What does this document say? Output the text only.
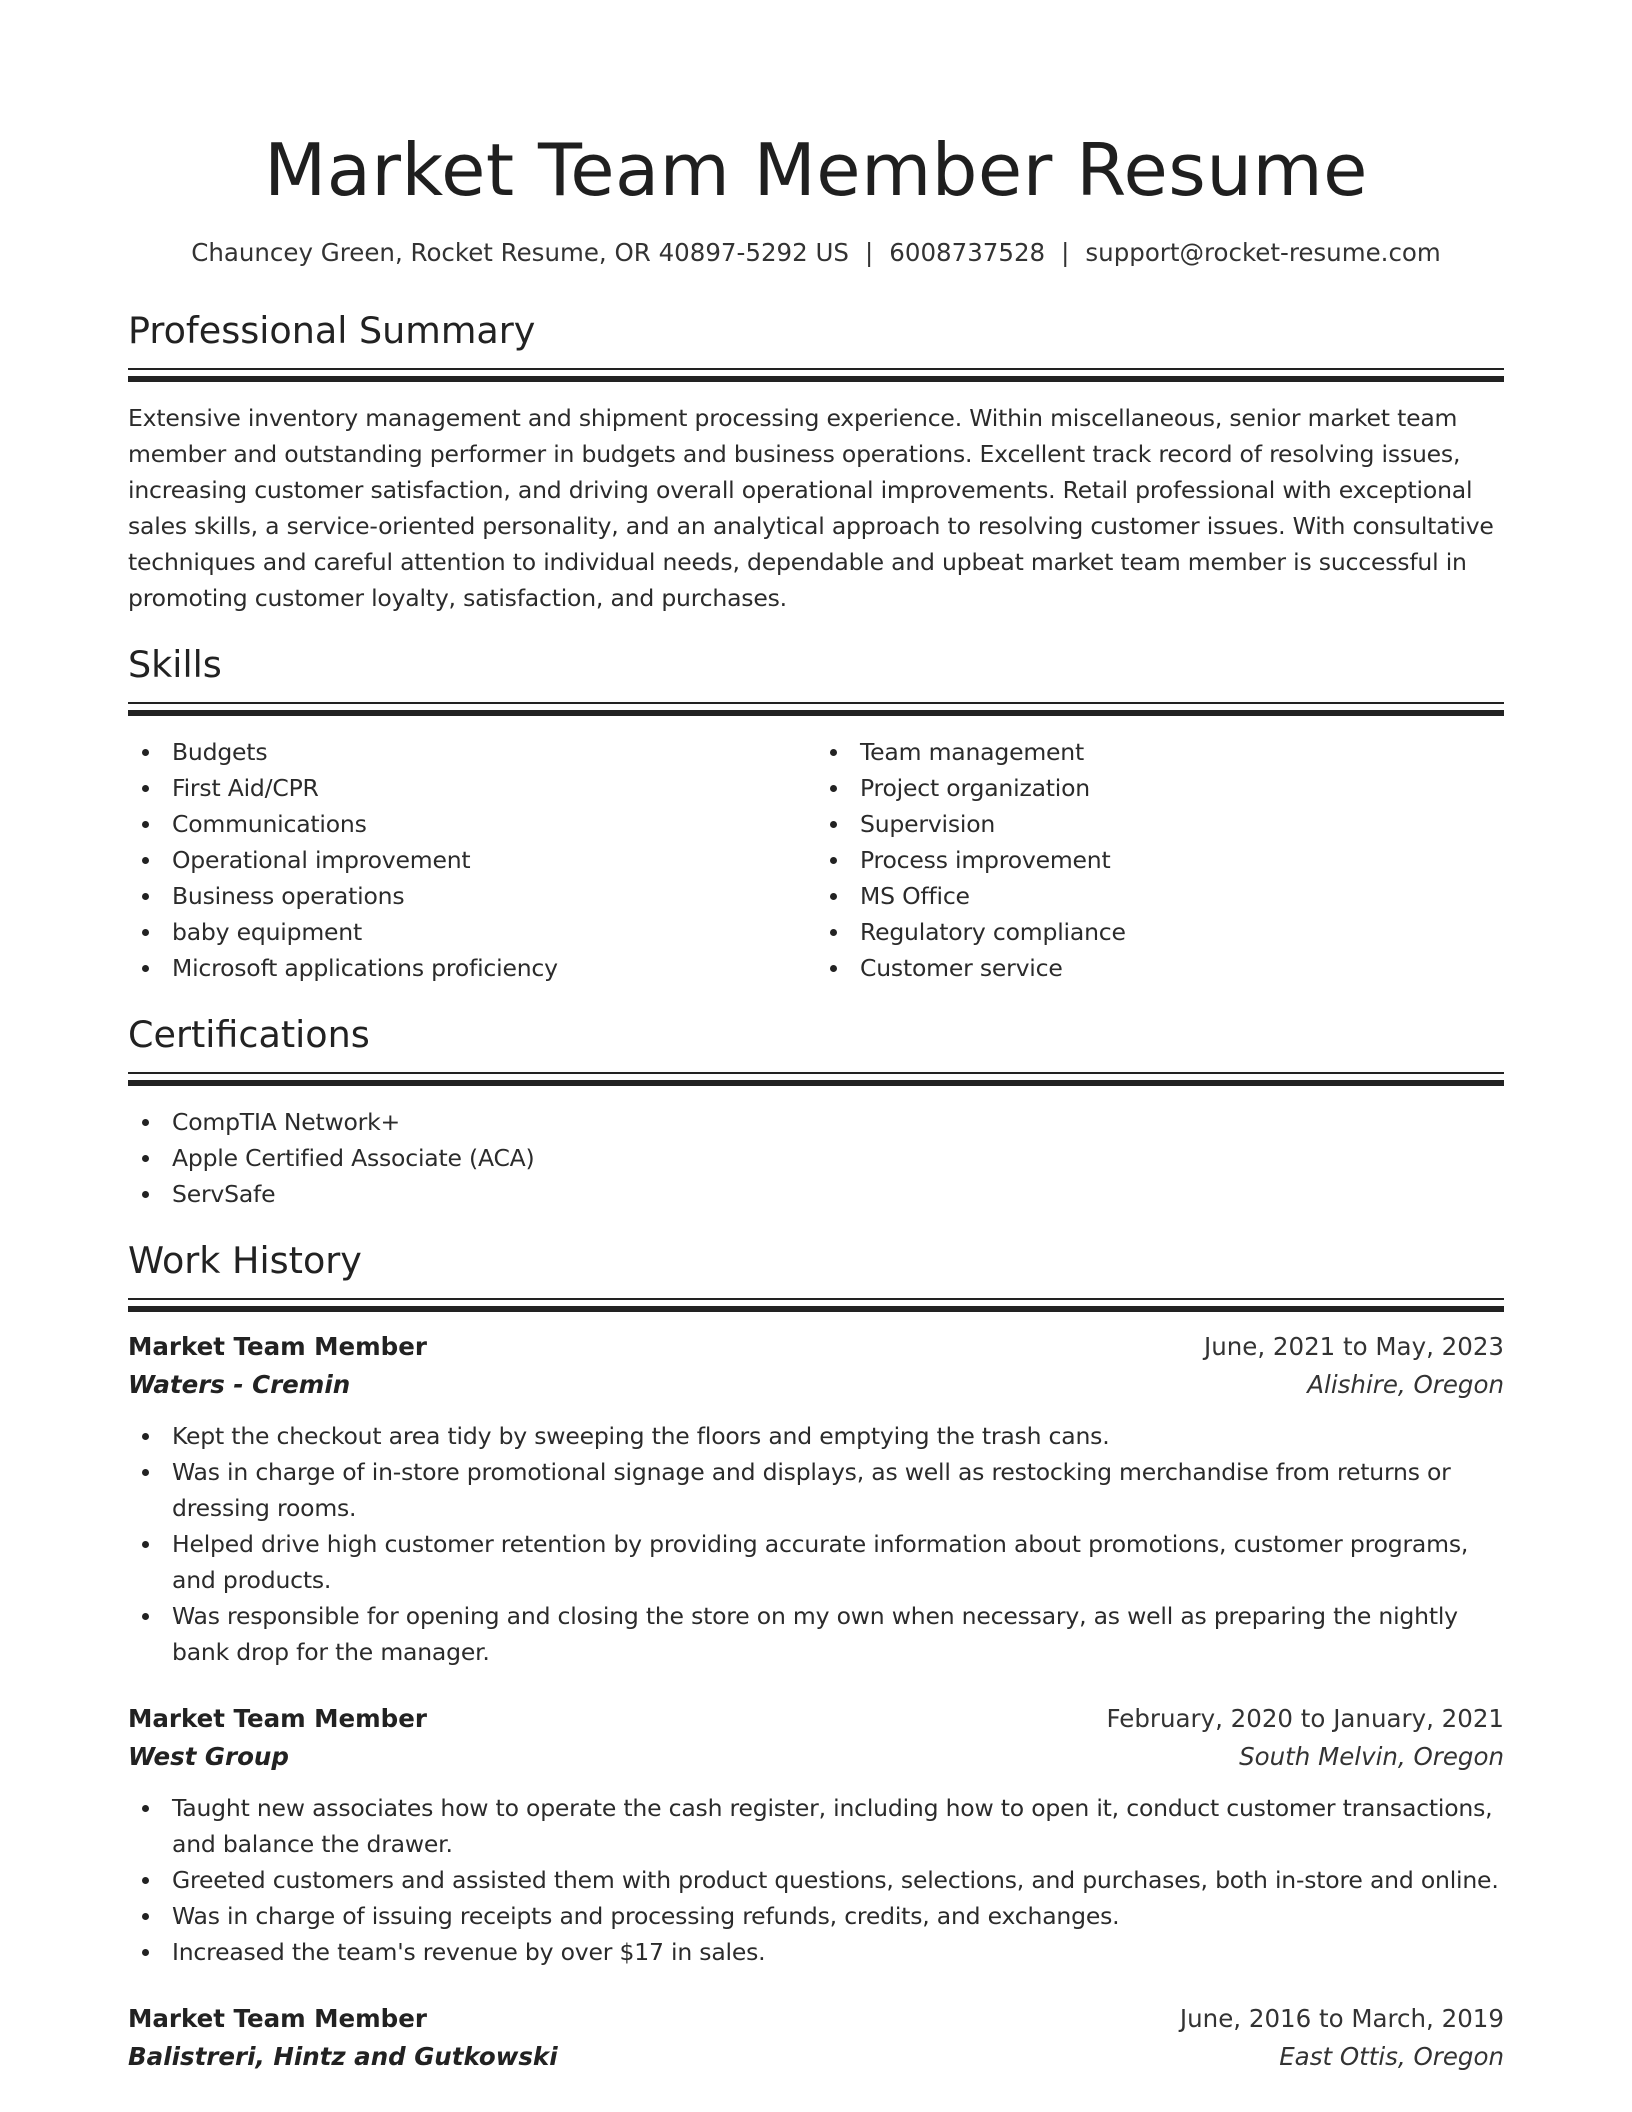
Market Team Member Resume
Chauncey Green, Rocket Resume, OR 40897-5292 US | 6008737528 | support@rocket-resume.com
Professional Summary

Extensive inventory management and shipment processing experience. Within miscellaneous, senior market team member and outstanding performer in budgets and business operations. Excellent track record of resolving issues, increasing customer satisfaction, and driving overall operational improvements. Retail professional with exceptional sales skills, a service-oriented personality, and an analytical approach to resolving customer issues. With consultative techniques and careful attention to individual needs, dependable and upbeat market team member is successful in promoting customer loyalty, satisfaction, and purchases.

Skills
Budgets
First Aid/CPR
Communications
Operational improvement
Business operations
baby equipment
Microsoft applications proficiency
Team management
Project organization
Supervision
Process improvement
MS Office
Regulatory compliance
Customer service
Certifications
CompTIA Network+
Apple Certified Associate (ACA)
ServSafe
Work History
Market Team Member	June, 2021 to May, 2023
Waters - Cremin	Alishire, Oregon
Kept the checkout area tidy by sweeping the floors and emptying the trash cans.
Was in charge of in-store promotional signage and displays, as well as restocking merchandise from returns or dressing rooms.
Helped drive high customer retention by providing accurate information about promotions, customer programs, and products.
Was responsible for opening and closing the store on my own when necessary, as well as preparing the nightly bank drop for the manager.
Market Team Member	February, 2020 to January, 2021
West Group	South Melvin, Oregon
Taught new associates how to operate the cash register, including how to open it, conduct customer transactions, and balance the drawer.
Greeted customers and assisted them with product questions, selections, and purchases, both in-store and online.
Was in charge of issuing receipts and processing refunds, credits, and exchanges.
Increased the team's revenue by over $17 in sales.
Market Team Member	June, 2016 to March, 2019
Balistreri, Hintz and Gutkowski	East Ottis, Oregon
